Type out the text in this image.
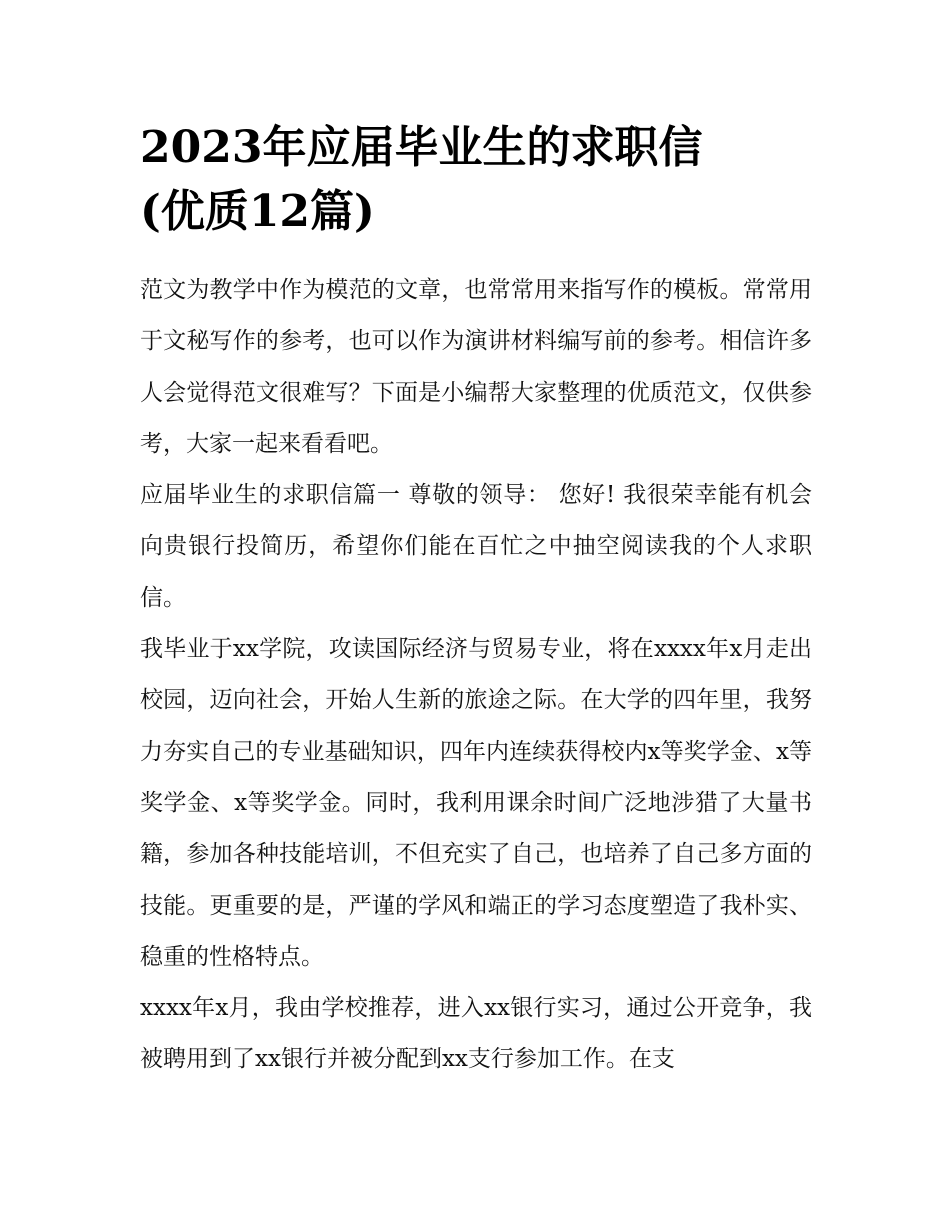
2023年应届毕业生的求职信
(优质12篇)

范文为教学中作为模范的文章，也常常用来指写作的模板。常常用于文秘写作的参考，也可以作为演讲材料编写前的参考。相信许多人会觉得范文很难写？下面是小编帮大家整理的优质范文，仅供参考，大家一起来看看吧。

应届毕业生的求职信篇一 尊敬的领导： 您好! 我很荣幸能有机会向贵银行投简历，希望你们能在百忙之中抽空阅读我的个人求职信。

我毕业于xx学院，攻读国际经济与贸易专业，将在xxxx年x月走出校园，迈向社会，开始人生新的旅途之际。在大学的四年里，我努力夯实自己的专业基础知识，四年内连续获得校内x等奖学金、x等奖学金、x等奖学金。同时，我利用课余时间广泛地涉猎了大量书籍，参加各种技能培训，不但充实了自己，也培养了自己多方面的技能。更重要的是，严谨的学风和端正的学习态度塑造了我朴实、稳重的性格特点。

xxxx年x月，我由学校推荐，进入xx银行实习，通过公开竞争，我被聘用到了xx银行并被分配到xx支行参加工作。在支
